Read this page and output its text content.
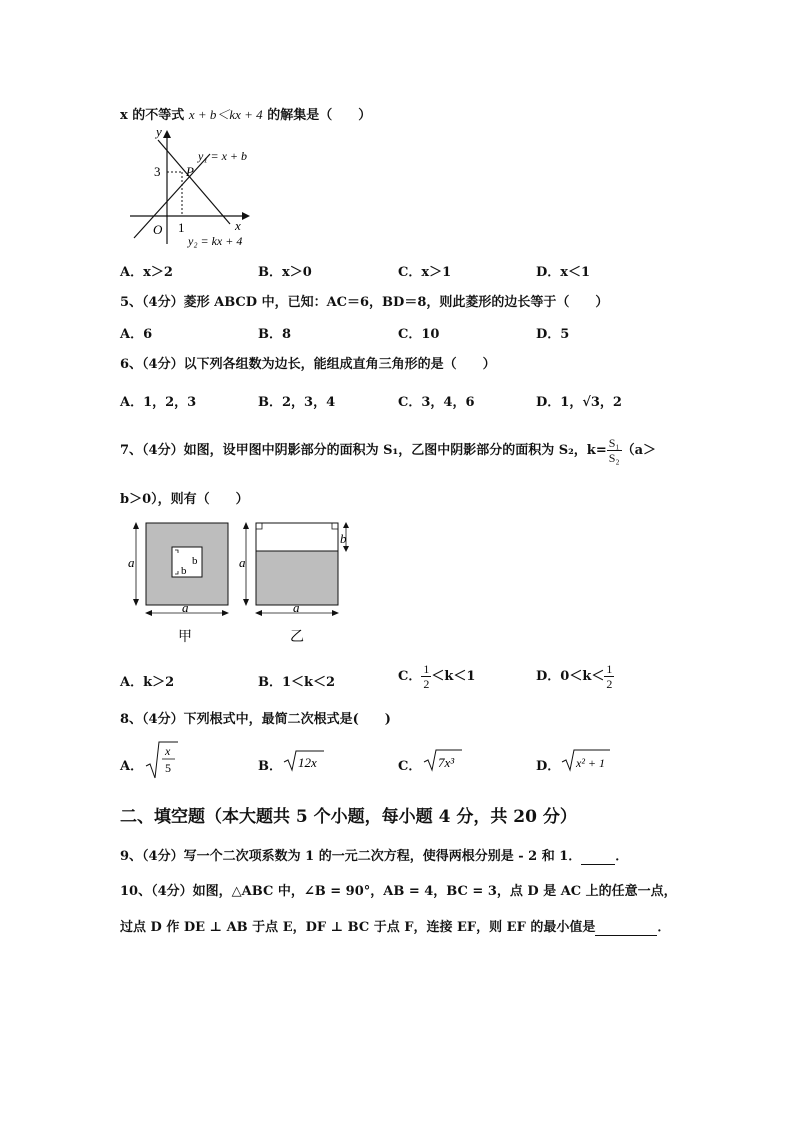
x 的不等式 x + b＜kx + 4 的解集是（　　）
y
x
O
3
1
P
y₁ = x + b
y₂ = kx + 4
A．x＞2	B．x＞0	C．x＞1	D．x＜1
5、（4分）菱形 ABCD 中，已知：AC＝6，BD＝8，则此菱形的边长等于（　　）
A．6	B．8	C．10	D．5
6、（4分）以下列各组数为边长，能组成直角三角形的是（　　）
A．1，2，3	B．2，3，4	C．3，4，6	D．1，√3，2
7、（4分）如图，设甲图中阴影部分的面积为 S₁，乙图中阴影部分的面积为 S₂，$k= \frac{\text{S₁}}{\text{S₂}} (a>$
b＞0），则有（　　）
b
b
a
a
甲
b
a
a
乙
A．k＞2	B．1＜k＜2	C． $\frac{1}{2} <k<1$	D．$0<k< \frac{1}{2}$
8、（4分）下列根式中，最简二次根式是(　　)
A．
x
5	B． 12x	C． 7x³	D． x² + 1
二、填空题（本大题共 5 个小题，每小题 4 分，共 20 分）
9、（4分）写一个二次项系数为 1 的一元二次方程，使得两根分别是 - 2 和 1．	．
10、（4分）如图，△ABC 中，∠B = 90°，AB = 4，BC = 3，点 D 是 AC 上的任意一点，
过点 D 作 DE ⊥ AB 于点 E，DF ⊥ BC 于点 F，连接 EF，则 EF 的最小值是	．
